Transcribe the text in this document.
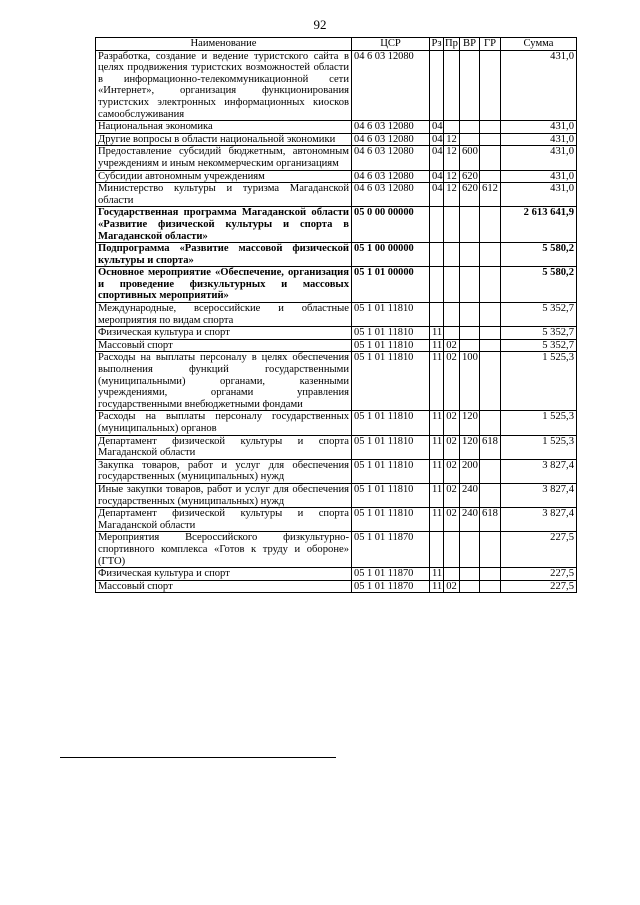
92
Наименование	ЦСР	Рз	Пр	ВР	ГР	Сумма
Разработка, создание и ведение туристского сайта в целях продвижения туристских возможностей области в информационно-телекоммуникационной сети «Интернет», организация функционирования туристских электронных информационных киосков самообслуживания	04 6 03 12080					431,0
Национальная экономика	04 6 03 12080	04				431,0
Другие вопросы в области национальной экономики	04 6 03 12080	04	12			431,0
Предоставление субсидий бюджетным, автономным учреждениям и иным некоммерческим организациям	04 6 03 12080	04	12	600		431,0
Субсидии автономным учреждениям	04 6 03 12080	04	12	620		431,0
Министерство культуры и туризма Магаданской области	04 6 03 12080	04	12	620	612	431,0
Государственная программа Магаданской области «Развитие физической культуры и спорта в Магаданской области»	05 0 00 00000					2 613 641,9
Подпрограмма «Развитие массовой физической культуры и спорта»	05 1 00 00000					5 580,2
Основное мероприятие «Обеспечение, организация и проведение физкультурных и массовых спортивных мероприятий»	05 1 01 00000					5 580,2
Международные, всероссийские и областные мероприятия по видам спорта	05 1 01 11810					5 352,7
Физическая культура и спорт	05 1 01 11810	11				5 352,7
Массовый спорт	05 1 01 11810	11	02			5 352,7
Расходы на выплаты персоналу в целях обеспечения выполнения функций государственными (муниципальными) органами, казенными учреждениями, органами управления государственными внебюджетными фондами	05 1 01 11810	11	02	100		1 525,3
Расходы на выплаты персоналу государственных (муниципальных) органов	05 1 01 11810	11	02	120		1 525,3
Департамент физической культуры и спорта Магаданской области	05 1 01 11810	11	02	120	618	1 525,3
Закупка товаров, работ и услуг для обеспечения государственных (муниципальных) нужд	05 1 01 11810	11	02	200		3 827,4
Иные закупки товаров, работ и услуг для обеспечения государственных (муниципальных) нужд	05 1 01 11810	11	02	240		3 827,4
Департамент физической культуры и спорта Магаданской области	05 1 01 11810	11	02	240	618	3 827,4
Мероприятия Всероссийского физкультурно-спортивного комплекса «Готов к труду и обороне» (ГТО)	05 1 01 11870					227,5
Физическая культура и спорт	05 1 01 11870	11				227,5
Массовый спорт	05 1 01 11870	11	02			227,5
